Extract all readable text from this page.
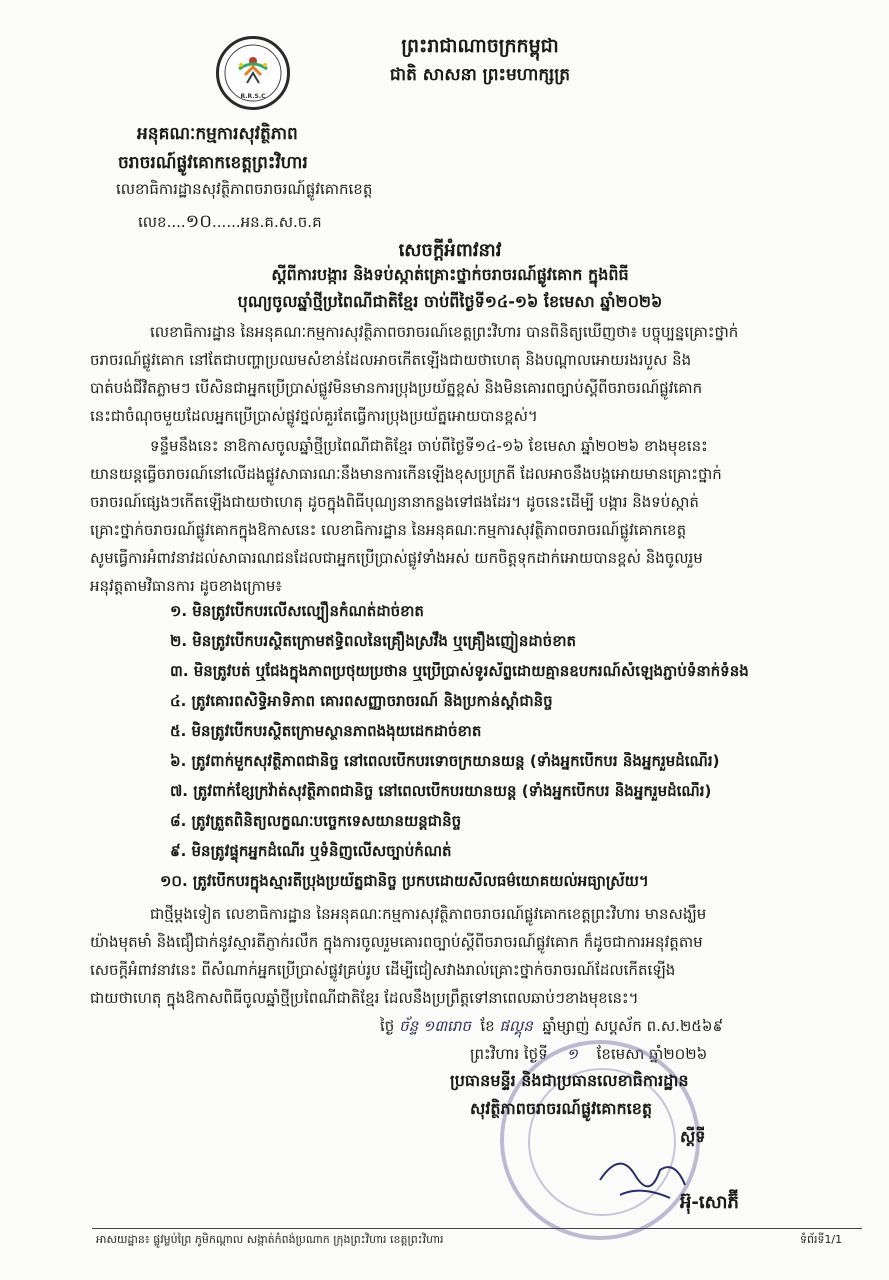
R.R.S.C
ព្រះរាជាណាចក្រកម្ពុជា
ជាតិ សាសនា ព្រះមហាក្សត្រ
អនុគណៈកម្មការសុវត្ថិភាព
ចរាចរណ៍ផ្លូវគោកខេត្តព្រះវិហារ
លេខាធិការដ្ឋានសុវត្ថិភាពចរាចរណ៍ផ្លូវគោកខេត្ត
លេខ....១០......អន.គ.ស.ច.គ
សេចក្តីអំពាវនាវ
ស្តីពីការបង្ការ និងទប់ស្កាត់គ្រោះថ្នាក់ចរាចរណ៍ផ្លូវគោក ក្នុងពិធី
បុណ្យចូលឆ្នាំថ្មីប្រពៃណីជាតិខ្មែរ ចាប់ពីថ្ងៃទី១៤-១៦ ខែមេសា ឆ្នាំ២០២៦
លេខាធិការដ្ឋាន នៃអនុគណៈកម្មការសុវត្ថិភាពចរាចរណ៍ខេត្តព្រះវិហារ បានពិនិត្យឃើញថា៖ បច្ចុប្បន្នគ្រោះថ្នាក់
ចរាចរណ៍ផ្លូវគោក នៅតែជាបញ្ហាប្រឈមសំខាន់ដែលអាចកើតឡើងជាយថាហេតុ និងបណ្តាលអោយរងរបួស និង
បាត់បង់ជីវិតភ្លាមៗ បើសិនជាអ្នកប្រើប្រាស់ផ្លូវមិនមានការប្រុងប្រយ័ត្នខ្ពស់ និងមិនគោរពច្បាប់ស្តីពីចរាចរណ៍ផ្លូវគោក
នេះជាចំណុចមួយដែលអ្នកប្រើប្រាស់ផ្លូវថ្នល់គួរតែធ្វើការប្រុងប្រយ័ត្នអោយបានខ្ពស់។
ទន្ទឹមនឹងនេះ នាឱកាសចូលឆ្នាំថ្មីប្រពៃណីជាតិខ្មែរ ចាប់ពីថ្ងៃទី១៤-១៦ ខែមេសា ឆ្នាំ២០២៦ ខាងមុខនេះ
យានយន្តធ្វើចរាចរណ៍នៅលើដងផ្លូវសាធារណៈនឹងមានការកើនឡើងខុសប្រក្រតី ដែលអាចនឹងបង្កអោយមានគ្រោះថ្នាក់
ចរាចរណ៍ផ្សេងៗកើតឡើងជាយថាហេតុ ដូចក្នុងពិធីបុណ្យនានាកន្លងទៅផងដែរ។ ដូចនេះដើម្បី បង្ការ និងទប់ស្កាត់
គ្រោះថ្នាក់ចរាចរណ៍ផ្លូវគោកក្នុងឱកាសនេះ លេខាធិការដ្ឋាន នៃអនុគណៈកម្មការសុវត្ថិភាពចរាចរណ៍ផ្លូវគោកខេត្ត
សូមធ្វើការអំពាវនាវដល់សាធារណជនដែលជាអ្នកប្រើប្រាស់ផ្លូវទាំងអស់ យកចិត្តទុកដាក់អោយបានខ្ពស់ និងចូលរួម
អនុវត្តតាមវិធានការ ដូចខាងក្រោម៖
១. មិនត្រូវបើកបរលើសល្បឿនកំណត់ដាច់ខាត
២. មិនត្រូវបើកបរស្ថិតក្រោមឥទ្ធិពលនៃគ្រឿងស្រវឹង ឬគ្រឿងញៀនដាច់ខាត
៣. មិនត្រូវបត់ ឬជែងក្នុងភាពប្រថុយប្រថាន ឬប្រើប្រាស់ទូរស័ព្ទដោយគ្មានឧបករណ៍សំឡេងភ្ជាប់ទំនាក់ទំនង
៤. ត្រូវគោរពសិទ្ធិអាទិភាព គោរពសញ្ញាចរាចរណ៍ និងប្រកាន់ស្តាំជានិច្ច
៥. មិនត្រូវបើកបរស្ថិតក្រោមស្ថានភាពងងុយដេកដាច់ខាត
៦. ត្រូវពាក់មួកសុវត្ថិភាពជានិច្ច នៅពេលបើកបរទោចក្រយានយន្ត (ទាំងអ្នកបើកបរ និងអ្នករួមដំណើរ)
៧. ត្រូវពាក់ខ្សែក្រវ៉ាត់សុវត្ថិភាពជានិច្ច នៅពេលបើកបរយានយន្ត (ទាំងអ្នកបើកបរ និងអ្នករួមដំណើរ)
៨. ត្រូវត្រួតពិនិត្យលក្ខណៈបច្ចេកទេសយានយន្តជានិច្ច
៩. មិនត្រូវផ្ទុកអ្នកដំណើរ ឬទំនិញលើសច្បាប់កំណត់
១០. ត្រូវបើកបរក្នុងស្មារតីប្រុងប្រយ័ត្នជានិច្ច ប្រកបដោយសីលធម៌យោគយល់អធ្យាស្រ័យ។
ជាថ្មីម្តងទៀត លេខាធិការដ្ឋាន នៃអនុគណៈកម្មការសុវត្ថិភាពចរាចរណ៍ផ្លូវគោកខេត្តព្រះវិហារ មានសង្ឃឹម
យ៉ាងមុតមាំ និងជឿជាក់នូវស្មារតីភ្ញាក់រលឹក ក្នុងការចូលរួមគោរពច្បាប់ស្តីពីចរាចរណ៍ផ្លូវគោក ក៏ដូចជាការអនុវត្តតាម
សេចក្តីអំពាវនាវនេះ ពីសំណាក់អ្នកប្រើប្រាស់ផ្លូវគ្រប់រូប ដើម្បីជៀសវាងរាល់គ្រោះថ្នាក់ចរាចរណ៍ដែលកើតឡើង
ជាយថាហេតុ ក្នុងឱកាសពិធីចូលឆ្នាំថ្មីប្រពៃណីជាតិខ្មែរ ដែលនឹងប្រព្រឹត្តទៅនាពេលឆាប់ៗខាងមុខនេះ។
ថ្ងៃ ច័ន្ទ ១៣រោច ខែ ផល្គុន ឆ្នាំម្សាញ់ សប្តស័ក ព.ស.២៥៦៩
ព្រះវិហារ ថ្ងៃទី ១ ខែមេសា ឆ្នាំ២០២៦
ប្រធានមន្ទីរ និងជាប្រធានលេខាធិការដ្ឋាន
សុវត្ថិភាពចរាចរណ៍ផ្លូវគោកខេត្ត
ស្តីទី
អ៊ុ-សោភ៊ី
អាសយដ្ឋាន៖ ផ្លូវម្លប់ព្រៃ ភូមិកណ្តាល សង្កាត់កំពង់ប្រណាក ក្រុងព្រះវិហារ ខេត្តព្រះវិហារ	ទំព័រទី1/1
